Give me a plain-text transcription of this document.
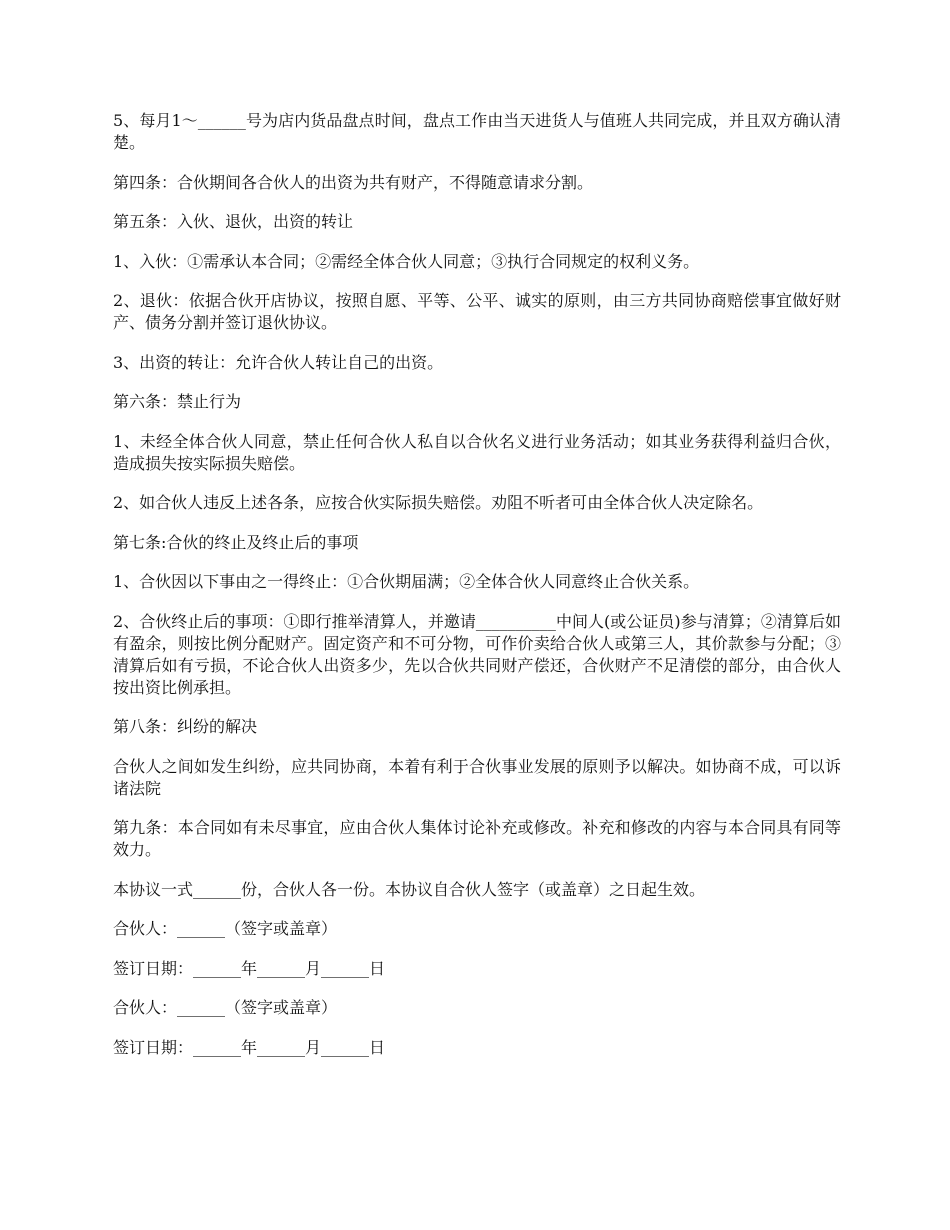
5、每月1～______号为店内货品盘点时间，盘点工作由当天进货人与值班人共同完成，并且双方确认清楚。

第四条：合伙期间各合伙人的出资为共有财产，不得随意请求分割。

第五条：入伙、退伙，出资的转让

1、入伙：①需承认本合同；②需经全体合伙人同意；③执行合同规定的权利义务。

2、退伙：依据合伙开店协议，按照自愿、平等、公平、诚实的原则，由三方共同协商赔偿事宜做好财产、债务分割并签订退伙协议。

3、出资的转让：允许合伙人转让自己的出资。

第六条：禁止行为

1、未经全体合伙人同意，禁止任何合伙人私自以合伙名义进行业务活动；如其业务获得利益归合伙，造成损失按实际损失赔偿。

2、如合伙人违反上述各条，应按合伙实际损失赔偿。劝阻不听者可由全体合伙人决定除名。

第七条:合伙的终止及终止后的事项

1、合伙因以下事由之一得终止：①合伙期届满；②全体合伙人同意终止合伙关系。

2、合伙终止后的事项：①即行推举清算人，并邀请__________中间人(或公证员)参与清算；②清算后如有盈余，则按比例分配财产。固定资产和不可分物，可作价卖给合伙人或第三人，其价款参与分配；③清算后如有亏损，不论合伙人出资多少，先以合伙共同财产偿还，合伙财产不足清偿的部分，由合伙人按出资比例承担。

第八条：纠纷的解决

合伙人之间如发生纠纷，应共同协商，本着有利于合伙事业发展的原则予以解决。如协商不成，可以诉诸法院

第九条：本合同如有未尽事宜，应由合伙人集体讨论补充或修改。补充和修改的内容与本合同具有同等效力。

本协议一式______份，合伙人各一份。本协议自合伙人签字（或盖章）之日起生效。

合伙人：______（签字或盖章）

签订日期：______年______月______日

合伙人：______（签字或盖章）

签订日期：______年______月______日
